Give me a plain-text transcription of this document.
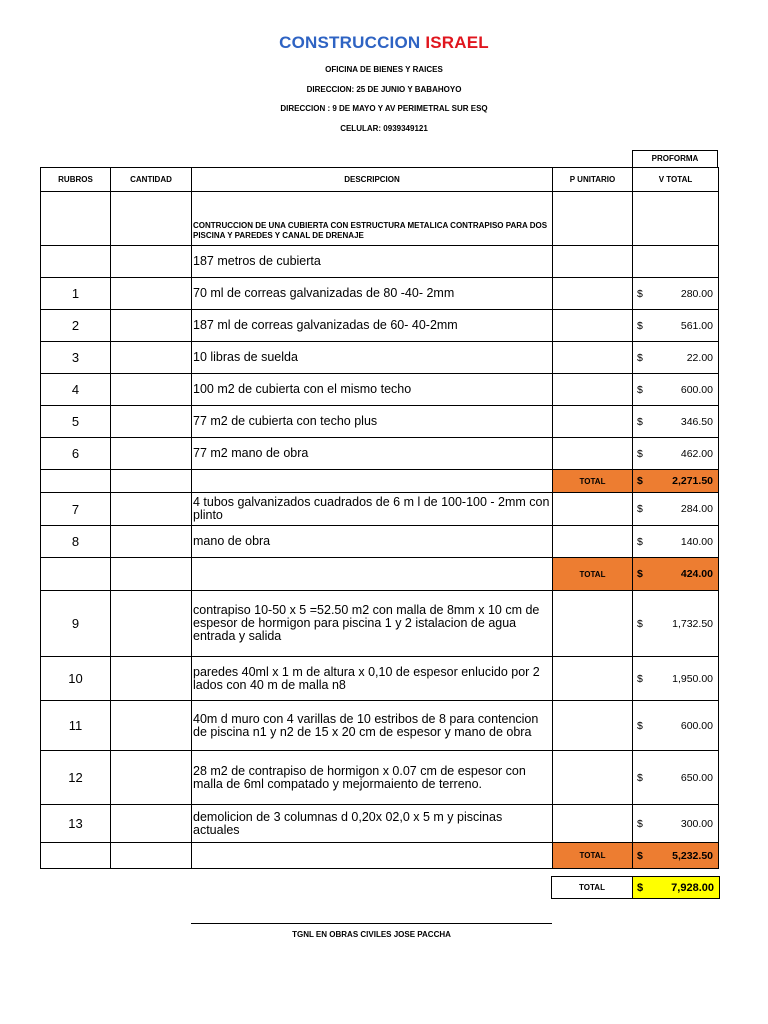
CONSTRUCCION ISRAEL
OFICINA DE BIENES Y RAICES
DIRECCION: 25 DE JUNIO Y BABAHOYO
DIRECCION : 9 DE MAYO Y AV PERIMETRAL SUR ESQ
CELULAR: 0939349121
PROFORMA
RUBROS	CANTIDAD	DESCRIPCION	P UNITARIO	V TOTAL
		CONTRUCCION DE UNA CUBIERTA CON ESTRUCTURA METALICA CONTRAPISO PARA DOS PISCINA Y PAREDES Y CANAL DE DRENAJE		
		187 metros de cubierta		
1		70 ml de correas galvanizadas de 80 -40- 2mm		$ 280.00

2		187 ml de correas galvanizadas de 60- 40-2mm		$ 561.00

3		10 libras de suelda		$ 22.00

4		100 m2 de cubierta con el mismo techo		$ 600.00

5		77 m2 de cubierta con techo plus		$ 346.50

6		77 m2 mano de obra		$ 462.00

			TOTAL	$ 2,271.50

7		4 tubos galvanizados cuadrados de 6 m l de 100-100 - 2mm con plinto		$ 284.00

8		mano de obra		$ 140.00

			TOTAL	$ 424.00

9		contrapiso 10-50 x 5 =52.50 m2 con malla de 8mm x 10 cm de espesor de hormigon para piscina 1 y 2 istalacion de agua entrada y salida		$ 1,732.50

10		paredes 40ml x 1 m de altura x 0,10 de espesor enlucido por 2 lados con 40 m de malla n8		$ 1,950.00

11		40m d muro con 4 varillas de 10 estribos de 8 para contencion de piscina n1 y n2 de 15 x 20 cm de espesor y mano de obra		$ 600.00

12		28 m2 de contrapiso de hormigon x 0.07 cm de espesor con malla de 6ml compatado y mejormaiento de terreno.		$ 650.00

13		demolicion de 3 columnas d 0,20x 02,0 x 5 m y piscinas actuales		$ 300.00

			TOTAL	$ 5,232.50
TOTAL	$	7,928.00
TGNL EN OBRAS CIVILES JOSE PACCHA
